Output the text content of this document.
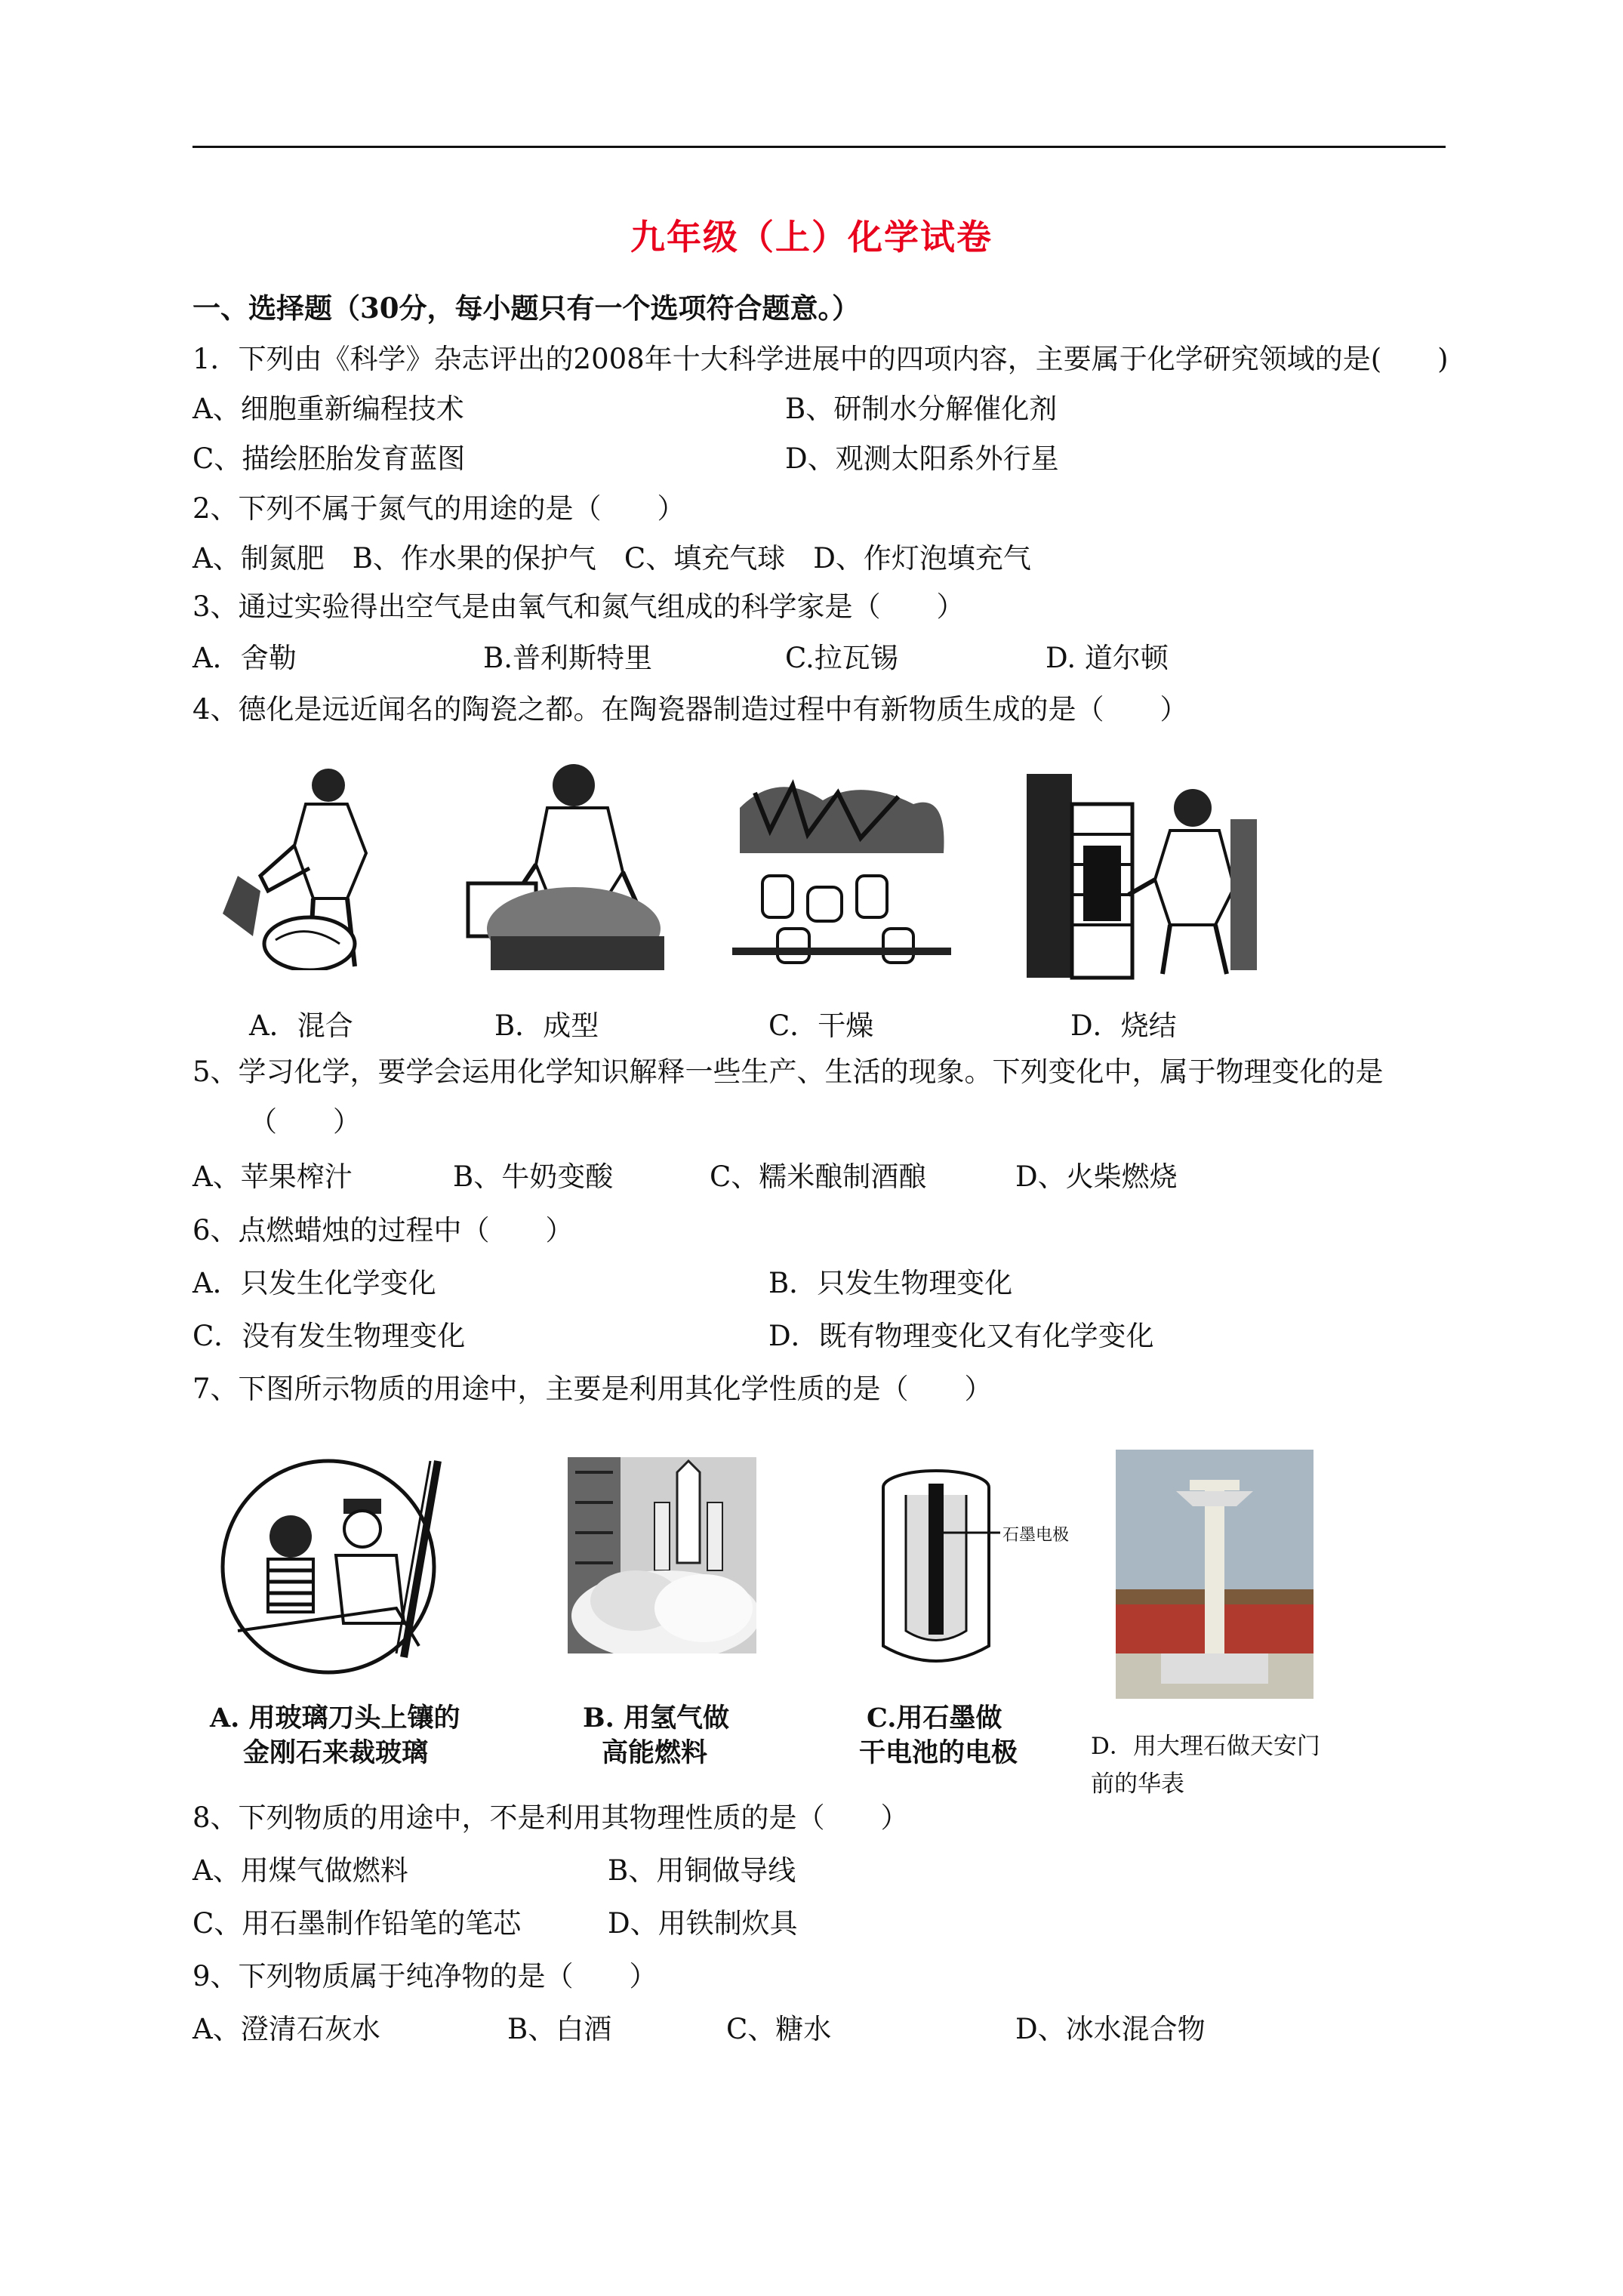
九年级（上）化学试卷
一、选择题（30分，每小题只有一个选项符合题意。）
1．下列由《科学》杂志评出的2008年十大科学进展中的四项内容，主要属于化学研究领域的是(　　)
A、细胞重新编程技术	B、研制水分解催化剂
C、描绘胚胎发育蓝图	D、观测太阳系外行星
2、下列不属于氮气的用途的是（　　）
A、制氮肥　B、作水果的保护气　C、填充气球　D、作灯泡填充气
3、通过实验得出空气是由氧气和氮气组成的科学家是（　　）
A．舍勒	B.普利斯特里	C.拉瓦锡	D. 道尔顿
4、德化是远近闻名的陶瓷之都。在陶瓷器制造过程中有新物质生成的是（　　）
A．混合	B．成型	C．干燥	D．烧结
5、学习化学，要学会运用化学知识解释一些生产、生活的现象。下列变化中，属于物理变化的是
（　　）
A、苹果榨汁	B、牛奶变酸	C、糯米酿制酒酿	D、火柴燃烧
6、点燃蜡烛的过程中（　　）
A．只发生化学变化	B．只发生物理变化
C．没有发生物理变化	D．既有物理变化又有化学变化
7、下图所示物质的用途中，主要是利用其化学性质的是（　　）
石墨电极
A. 用玻璃刀头上镶的
金刚石来裁玻璃
B. 用氢气做
高能燃料
C.用石墨做
干电池的电极	D．用大理石做天安门
前的华表
8、下列物质的用途中，不是利用其物理性质的是（　　）
A、用煤气做燃料	B、用铜做导线
C、用石墨制作铅笔的笔芯	D、用铁制炊具
9、下列物质属于纯净物的是（　　）
A、澄清石灰水	B、白酒	C、糖水	D、冰水混合物
